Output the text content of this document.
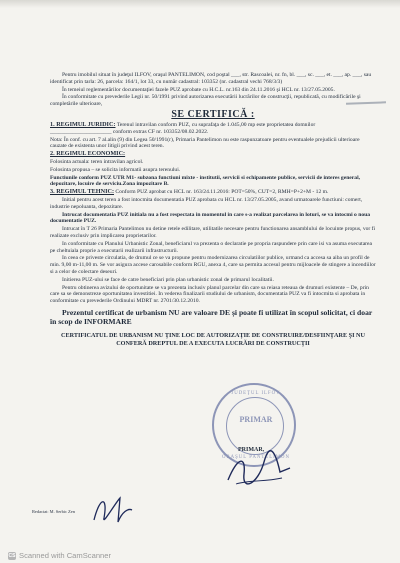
Pentru imobilul situat în judeţul ILFOV, oraşul PANTELIMON, cod poştal ___, str. Rascoalei, nr. fn, bl. ___, sc. ___, et. ___, ap. ___, sau identificat prin tarla: 26, parcela: 164/1, lot 33, cu număr cadastral: 103352 (nr. cadastral vechi 768/3/3)

În temeiul reglementărilor documentaţiei fazele PUZ aprobate cu H.C.L. nr.163 din 24.11.2016 şi HCL nr. 13/27.05.2005.

În conformitate cu prevederile Legii nr. 50/1991 privind autorizarea executării lucrărilor de construcţii, republicată, cu modificările şi completările ulterioare,

SE CERTIFICĂ :

1. REGIMUL JURIDIC: Terenul intravilan conform PUZ, cu suprafaţa de 1.045,00 mp este proprietatea domnilor ______________________ conform extras CF nr. 103352/08.02.2022.

Nota: În conf. cu art. 7 al.alin (9) din Legea 50/1991(r), Primaria Pantelimon nu este raspunzatoare pentru eventualele prejudicii ulterioare cauzate de existenta unor litigii privind acest teren.

2. REGIMUL ECONOMIC:

Folosinta actuala: teren intravilan agricol.

Folosinta propusa – se solicita informatii asupra terenului.

Functiunile conform PUZ UTR M1- subzona functiuni mixte - institutii, servicii si echipamente publice, servicii de interes general, depozitare, locuire de serviciu.Zona impozitare B.

3. REGIMUL TEHNIC: Conform PUZ aprobat cu HCL nr. 163/24.11.2016: POT=50%, CUT=2, RMH=P+2+M - 12 m.

Initial pentru acest teren a fost intocmita documentatia PUZ aprobata cu HCL nr. 13/27.05.2005, avand urmatoarele functiuni: comert, industrie nepoluanta, depozitare.

Intrucat documentatia PUZ initiala nu a fost respectata in momentul in care s-a realizat parcelarea in loturi, se va intocmi o noua documentatie PUZ.

Intrucat în T 26 Primaria Pantelimon nu detine retele edilitare, utilitatile necesare pentru functionarea ansamblului de locuinte propus, vor fi realizate exclusiv prin implicarea proprietarilor.

In conformitate cu Planului Urbanistic Zonal, beneficiarul va prezenta o declaratie pe propria raspundere prin care isi va asuma executarea pe cheltuiala proprie a executarii realizarii infrastructurii.

In ceea ce priveste circulatia, de drumul ce se va propune pentru modernizarea circulatiilor publice, urmand ca accesa sa aiba un profil de min. 9,00 m-11,00 m. Se vor asigura accese carosabile conform RGU, anexa 4, care sa permita accesul pentru mijloacele de stingere a incendiilor si a celor de colectare deseuri.

Initierea PUZ-ului se face de catre beneficiari prin plan urbanistic zonal de primarul localitatii.

Pentru obtinerea avizului de oportunitate se va prezenta inclusiv planul parcelar din care sa reiasa reteaua de drumuri existente – De, prin care sa se demonstreze oportunitatea investitiei. In vederea finalizarii studiului de urbanism, documentatia PUZ va fi intocmita si aprobata in conformitate cu prevederile Ordinului MDRT nr. 2701/30.12.2010.

Prezentul certificat de urbanism NU are valoare DE și poate fi utilizat în scopul solicitat, ci doar în scop de INFORMARE

CERTIFICATUL DE URBANISM NU ŢINE LOC DE AUTORIZAŢIE DE CONSTRUIRE/DESFIINŢARE ŞI NU CONFERĂ DREPTUL DE A EXECUTA LUCRĂRI DE CONSTRUCŢII

JUDEŢUL ILFOV
PRIMAR
ORAŞUL PANTELIMON
PRIMAR,
Redactat: M. Serbic Zen
CS Scanned with CamScanner
